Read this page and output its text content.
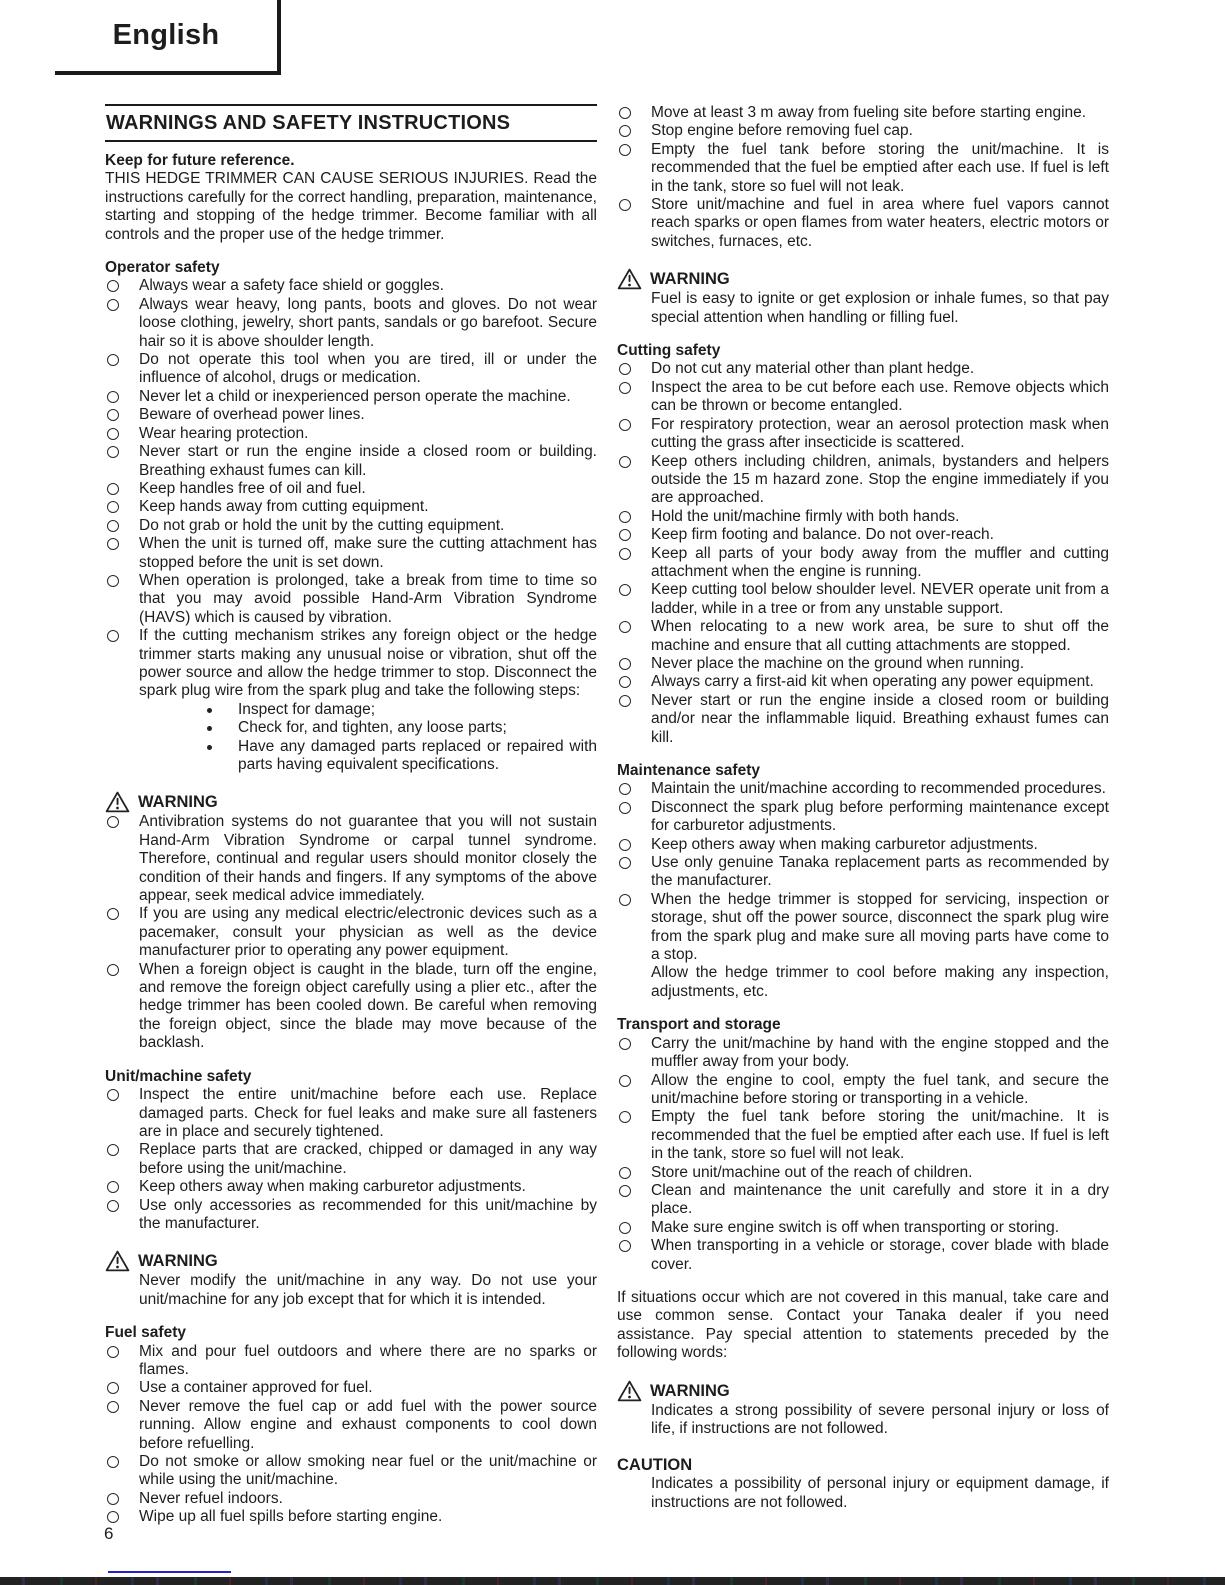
English
WARNINGS AND SAFETY INSTRUCTIONS
Keep for future reference.
THIS HEDGE TRIMMER CAN CAUSE SERIOUS INJURIES. Read the instructions carefully for the correct handling, preparation, maintenance, starting and stopping of the hedge trimmer. Become familiar with all controls and the proper use of the hedge trimmer.
Operator safety
Always wear a safety face shield or goggles.
Always wear heavy, long pants, boots and gloves. Do not wear loose clothing, jewelry, short pants, sandals or go barefoot. Secure hair so it is above shoulder length.
Do not operate this tool when you are tired, ill or under the influence of alcohol, drugs or medication.
Never let a child or inexperienced person operate the machine.
Beware of overhead power lines.
Wear hearing protection.
Never start or run the engine inside a closed room or building. Breathing exhaust fumes can kill.
Keep handles free of oil and fuel.
Keep hands away from cutting equipment.
Do not grab or hold the unit by the cutting equipment.
When the unit is turned off, make sure the cutting attachment has stopped before the unit is set down.
When operation is prolonged, take a break from time to time so that you may avoid possible Hand-Arm Vibration Syndrome (HAVS) which is caused by vibration.
If the cutting mechanism strikes any foreign object or the hedge trimmer starts making any unusual noise or vibration, shut off the power source and allow the hedge trimmer to stop. Disconnect the spark plug wire from the spark plug and take the following steps:
Inspect for damage;
Check for, and tighten, any loose parts;
Have any damaged parts replaced or repaired with parts having equivalent specifications.
WARNING
Antivibration systems do not guarantee that you will not sustain Hand-Arm Vibration Syndrome or carpal tunnel syndrome. Therefore, continual and regular users should monitor closely the condition of their hands and fingers. If any symptoms of the above appear, seek medical advice immediately.
If you are using any medical electric/electronic devices such as a pacemaker, consult your physician as well as the device manufacturer prior to operating any power equipment.
When a foreign object is caught in the blade, turn off the engine, and remove the foreign object carefully using a plier etc., after the hedge trimmer has been cooled down. Be careful when removing the foreign object, since the blade may move because of the backlash.
Unit/machine safety
Inspect the entire unit/machine before each use. Replace damaged parts. Check for fuel leaks and make sure all fasteners are in place and securely tightened.
Replace parts that are cracked, chipped or damaged in any way before using the unit/machine.
Keep others away when making carburetor adjustments.
Use only accessories as recommended for this unit/machine by the manufacturer.
WARNING
Never modify the unit/machine in any way. Do not use your unit/machine for any job except that for which it is intended.
Fuel safety
Mix and pour fuel outdoors and where there are no sparks or flames.
Use a container approved for fuel.
Never remove the fuel cap or add fuel with the power source running. Allow engine and exhaust components to cool down before refuelling.
Do not smoke or allow smoking near fuel or the unit/machine or while using the unit/machine.
Never refuel indoors.
Wipe up all fuel spills before starting engine.
Move at least 3 m away from fueling site before starting engine.
Stop engine before removing fuel cap.
Empty the fuel tank before storing the unit/machine. It is recommended that the fuel be emptied after each use. If fuel is left in the tank, store so fuel will not leak.
Store unit/machine and fuel in area where fuel vapors cannot reach sparks or open flames from water heaters, electric motors or switches, furnaces, etc.
WARNING
Fuel is easy to ignite or get explosion or inhale fumes, so that pay special attention when handling or filling fuel.
Cutting safety
Do not cut any material other than plant hedge.
Inspect the area to be cut before each use. Remove objects which can be thrown or become entangled.
For respiratory protection, wear an aerosol protection mask when cutting the grass after insecticide is scattered.
Keep others including children, animals, bystanders and helpers outside the 15 m hazard zone. Stop the engine immediately if you are approached.
Hold the unit/machine firmly with both hands.
Keep firm footing and balance. Do not over-reach.
Keep all parts of your body away from the muffler and cutting attachment when the engine is running.
Keep cutting tool below shoulder level. NEVER operate unit from a ladder, while in a tree or from any unstable support.
When relocating to a new work area, be sure to shut off the machine and ensure that all cutting attachments are stopped.
Never place the machine on the ground when running.
Always carry a first-aid kit when operating any power equipment.
Never start or run the engine inside a closed room or building and/or near the inflammable liquid. Breathing exhaust fumes can kill.
Maintenance safety
Maintain the unit/machine according to recommended procedures.
Disconnect the spark plug before performing maintenance except for carburetor adjustments.
Keep others away when making carburetor adjustments.
Use only genuine Tanaka replacement parts as recommended by the manufacturer.
When the hedge trimmer is stopped for servicing, inspection or storage, shut off the power source, disconnect the spark plug wire from the spark plug and make sure all moving parts have come to a stop.
Allow the hedge trimmer to cool before making any inspection, adjustments, etc.
Transport and storage
Carry the unit/machine by hand with the engine stopped and the muffler away from your body.
Allow the engine to cool, empty the fuel tank, and secure the unit/machine before storing or transporting in a vehicle.
Empty the fuel tank before storing the unit/machine. It is recommended that the fuel be emptied after each use. If fuel is left in the tank, store so fuel will not leak.
Store unit/machine out of the reach of children.
Clean and maintenance the unit carefully and store it in a dry place.
Make sure engine switch is off when transporting or storing.
When transporting in a vehicle or storage, cover blade with blade cover.
If situations occur which are not covered in this manual, take care and use common sense. Contact your Tanaka dealer if you need assistance. Pay special attention to statements preceded by the following words:
WARNING
Indicates a strong possibility of severe personal injury or loss of life, if instructions are not followed.
CAUTION
Indicates a possibility of personal injury or equipment damage, if instructions are not followed.
6
